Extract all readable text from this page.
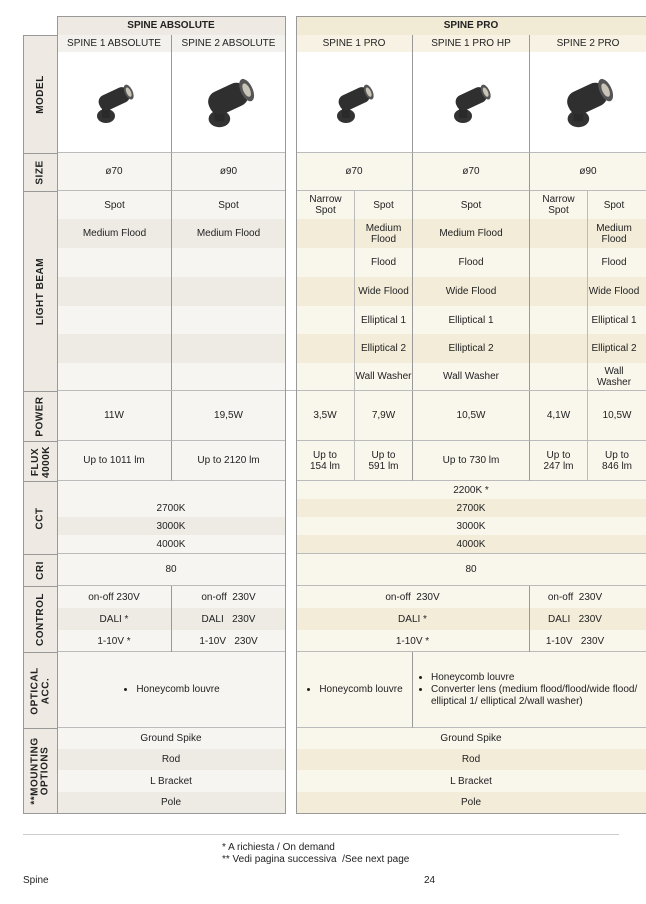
SPINE ABSOLUTE	SPINE PRO
SPINE 1 ABSOLUTE	SPINE 2 ABSOLUTE	SPINE 1 PRO	SPINE 1 PRO HP	SPINE 2 PRO
MODEL
SIZE
LIGHT BEAM
POWER
FLUX
4000K
CCT
CRI
CONTROL
OPTICAL
ACC.
**MOUNTING
OPTIONS
ø70	ø90	ø70	ø70	ø90
Spot
Medium Flood
Spot
Medium Flood
Narrow Spot
Narrow Spot
Spot
Medium Flood
Flood
Wide Flood
Elliptical 1
Elliptical 2
Wall Washer
Spot
Medium Flood
Flood
Wide Flood
Elliptical 1
Elliptical 2
Wall Washer
Spot
Medium Flood
Flood
Wide Flood
Elliptical 1
Elliptical 2
Wall Washer
11W	19,5W	3,5W	7,9W	10,5W	4,1W	10,5W
Up to 1011 lm	Up to 2120 lm	Up to 154 lm
Up to 591 lm	Up to 730 lm	Up to 247 lm
Up to 846 lm
2700K
3000K
4000K
2200K *
2700K
3000K
4000K
80	80
on-off 230V
DALI *
1-10V *
on-off  230V
DALI   230V
1-10V   230V
on-off  230V
DALI *
1-10V *
on-off  230V
DALI   230V
1-10V   230V
• Honeycomb louvre
•	Honeycomb louvre
• Honeycomb louvre
• Converter lens (medium flood/flood/wide flood/ elliptical 1/ elliptical 2/wall washer)
Ground Spike
Rod
L Bracket
Pole
Ground Spike
Rod
L Bracket
Pole
* A richiesta / On demand
** Vedi pagina successiva  /See next page
Spine	24
